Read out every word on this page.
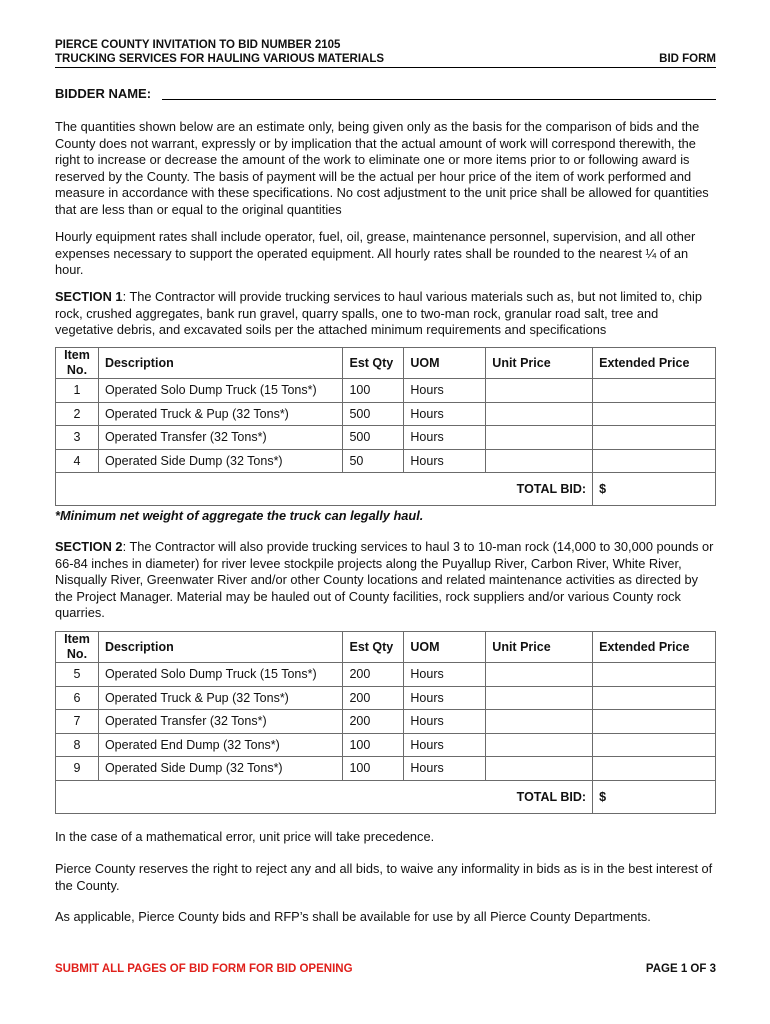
PIERCE COUNTY INVITATION TO BID NUMBER 2105
TRUCKING SERVICES FOR HAULING VARIOUS MATERIALS	BID FORM
BIDDER NAME:

The quantities shown below are an estimate only, being given only as the basis for the comparison of bids and the County does not warrant, expressly or by implication that the actual amount of work will correspond therewith, the right to increase or decrease the amount of the work to eliminate one or more items prior to or following award is reserved by the County. The basis of payment will be the actual per hour price of the item of work performed and measure in accordance with these specifications. No cost adjustment to the unit price shall be allowed for quantities that are less than or equal to the original quantities

Hourly equipment rates shall include operator, fuel, oil, grease, maintenance personnel, supervision, and all other expenses necessary to support the operated equipment. All hourly rates shall be rounded to the nearest ¼ of an hour.

SECTION 1: The Contractor will provide trucking services to haul various materials such as, but not limited to, chip rock, crushed aggregates, bank run gravel, quarry spalls, one to two-man rock, granular road salt, tree and vegetative debris, and excavated soils per the attached minimum requirements and specifications

Item
No.	Description	Est Qty	UOM	Unit Price	Extended Price
1	Operated Solo Dump Truck (15 Tons*)	100	Hours		
2	Operated Truck & Pup (32 Tons*)	500	Hours		
3	Operated Transfer (32 Tons*)	500	Hours		
4	Operated Side Dump (32 Tons*)	50	Hours		
TOTAL BID:					$
*Minimum net weight of aggregate the truck can legally haul.

SECTION 2: The Contractor will also provide trucking services to haul 3 to 10-man rock (14,000 to 30,000 pounds or 66-84 inches in diameter) for river levee stockpile projects along the Puyallup River, Carbon River, White River, Nisqually River, Greenwater River and/or other County locations and related maintenance activities as directed by the Project Manager. Material may be hauled out of County facilities, rock suppliers and/or various County rock quarries.

Item
No.	Description	Est Qty	UOM	Unit Price	Extended Price
5	Operated Solo Dump Truck (15 Tons*)	200	Hours		
6	Operated Truck & Pup (32 Tons*)	200	Hours		
7	Operated Transfer (32 Tons*)	200	Hours		
8	Operated End Dump (32 Tons*)	100	Hours		
9	Operated Side Dump (32 Tons*)	100	Hours		
TOTAL BID:					$

In the case of a mathematical error, unit price will take precedence.

Pierce County reserves the right to reject any and all bids, to waive any informality in bids as is in the best interest of the County.

As applicable, Pierce County bids and RFP’s shall be available for use by all Pierce County Departments.

SUBMIT ALL PAGES OF BID FORM FOR BID OPENING	PAGE 1 OF 3
